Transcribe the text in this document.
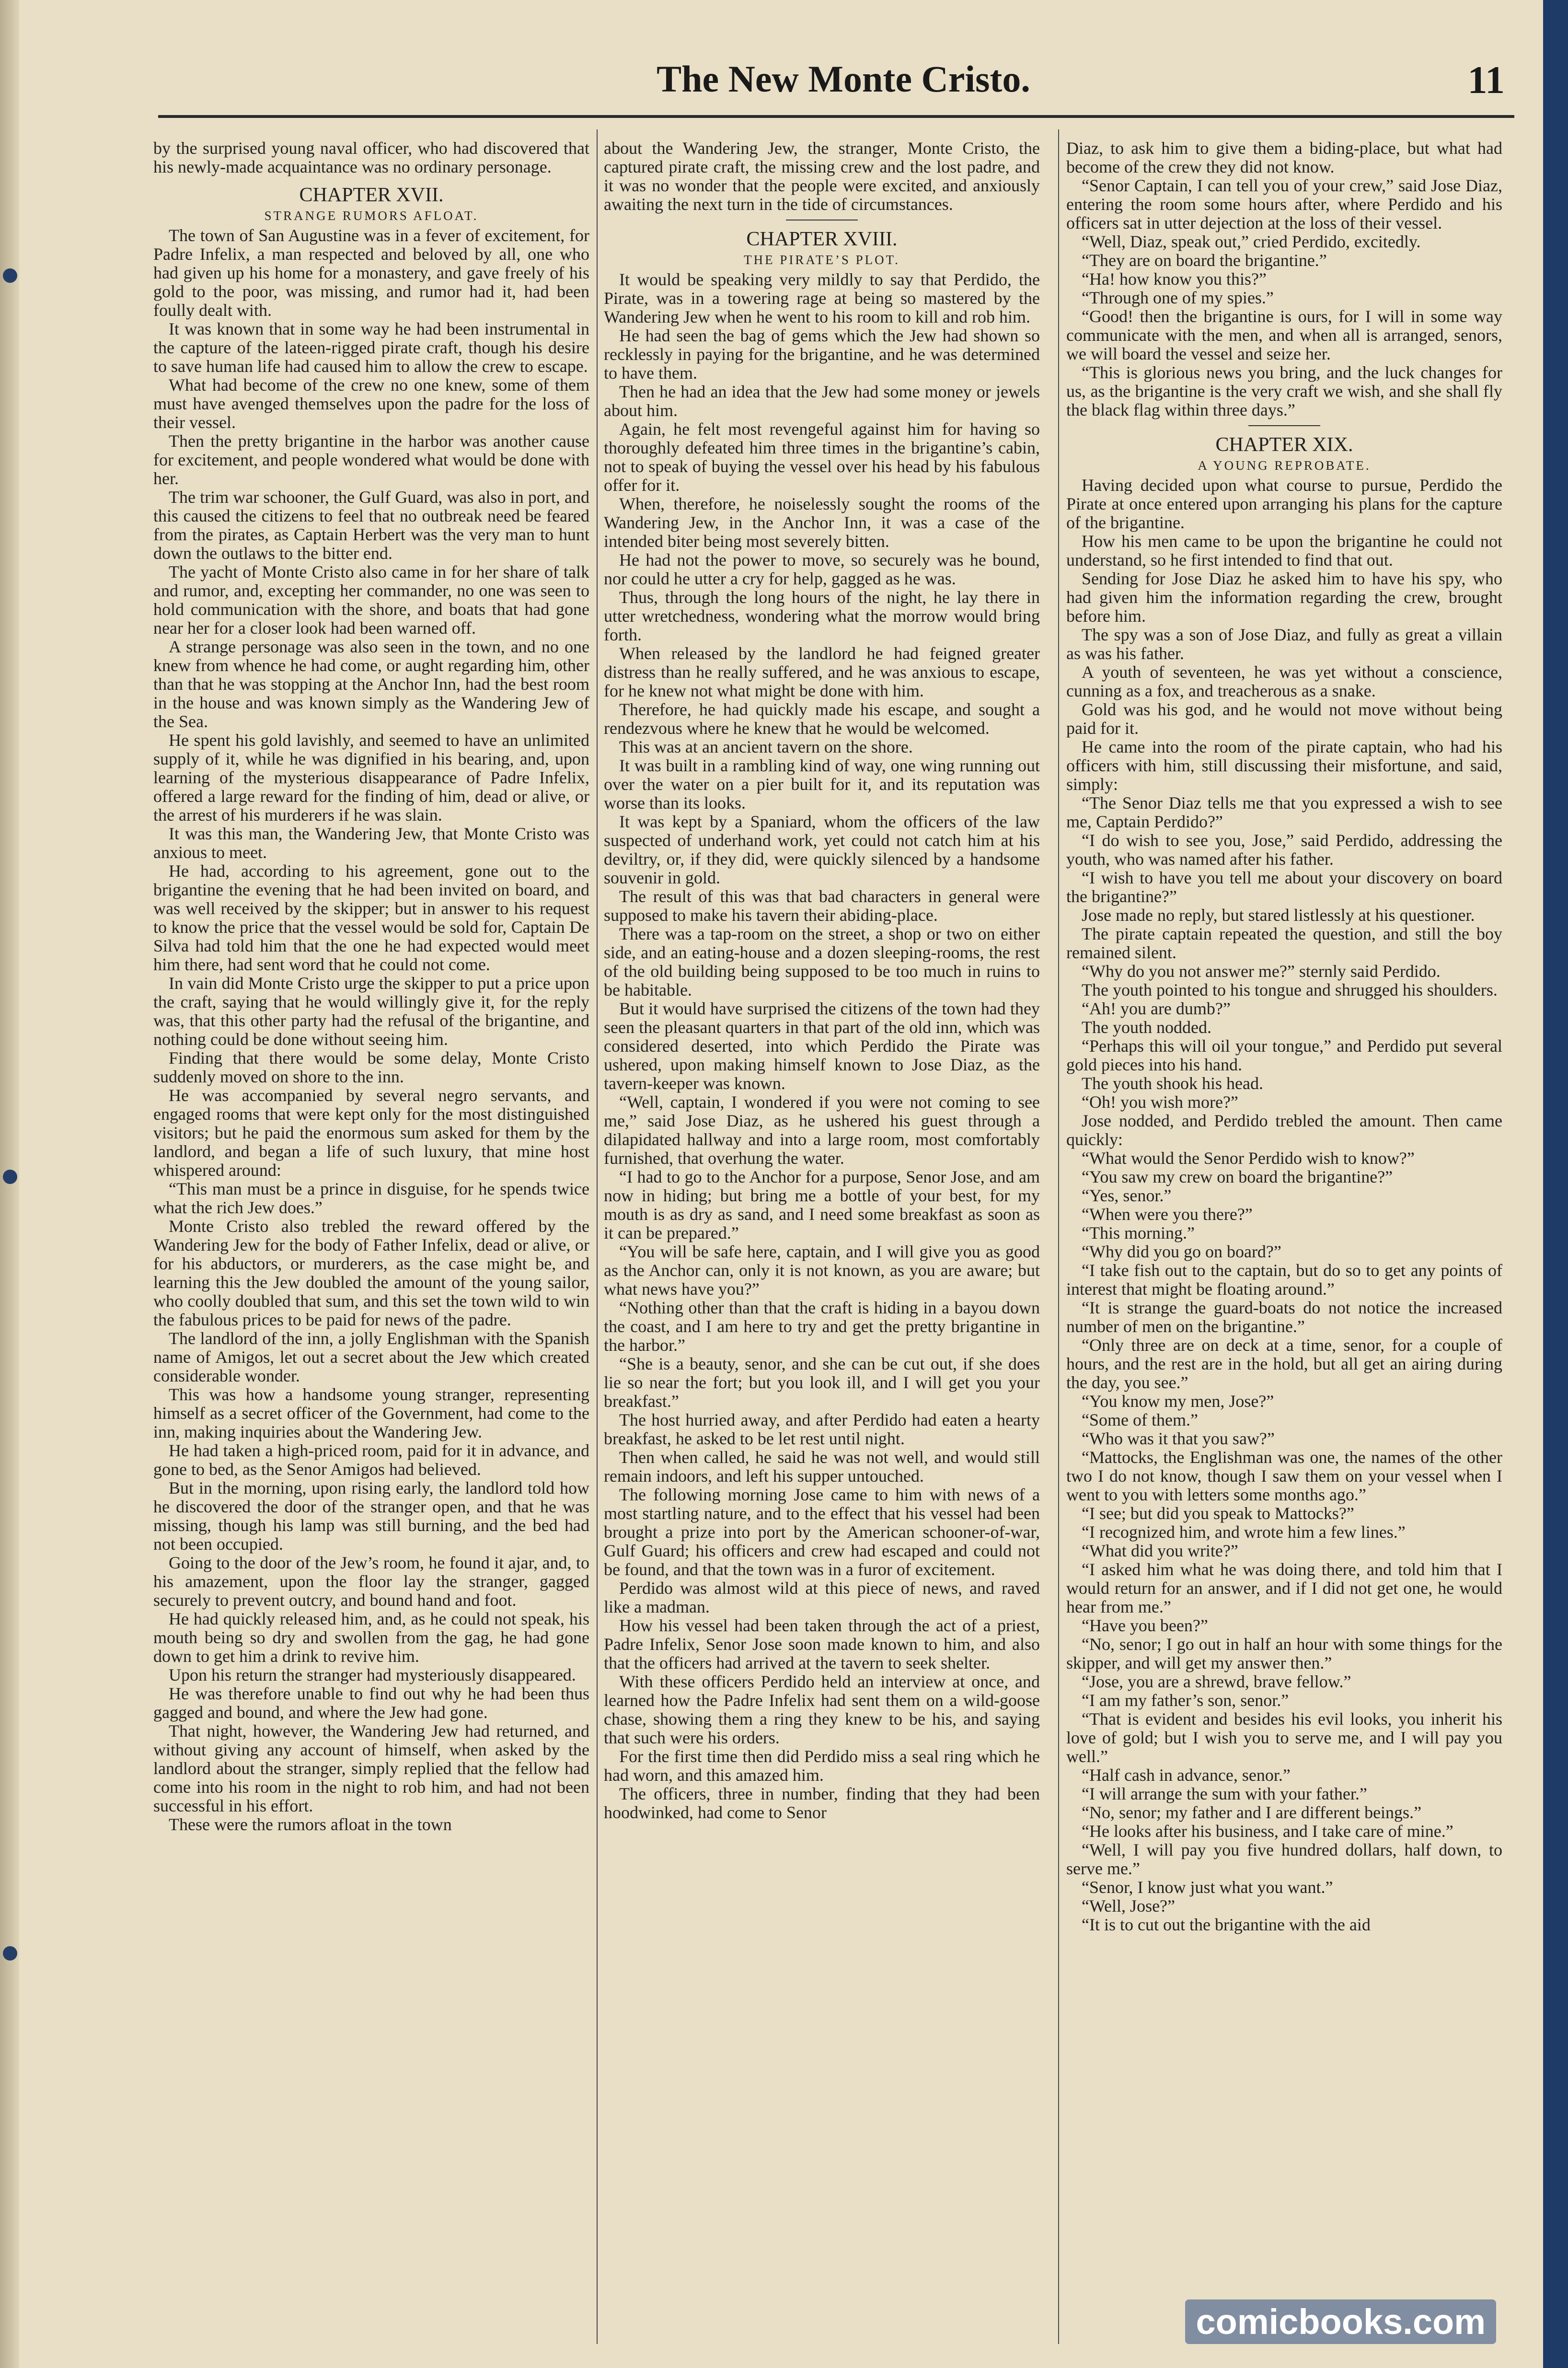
The New Monte Cristo.	11

by the surprised young naval officer, who had discovered that his newly-made acquaintance was no ordinary personage.

CHAPTER XVII.
STRANGE RUMORS AFLOAT.

The town of San Augustine was in a fever of excitement, for Padre Infelix, a man respected and beloved by all, one who had given up his home for a monastery, and gave freely of his gold to the poor, was missing, and rumor had it, had been foully dealt with.

It was known that in some way he had been instrumental in the capture of the lateen-rigged pirate craft, though his desire to save human life had caused him to allow the crew to escape.

What had become of the crew no one knew, some of them must have avenged themselves upon the padre for the loss of their vessel.

Then the pretty brigantine in the harbor was another cause for excitement, and people wondered what would be done with her.

The trim war schooner, the Gulf Guard, was also in port, and this caused the citizens to feel that no outbreak need be feared from the pirates, as Captain Herbert was the very man to hunt down the outlaws to the bitter end.

The yacht of Monte Cristo also came in for her share of talk and rumor, and, excepting her commander, no one was seen to hold communication with the shore, and boats that had gone near her for a closer look had been warned off.

A strange personage was also seen in the town, and no one knew from whence he had come, or aught regarding him, other than that he was stopping at the Anchor Inn, had the best room in the house and was known simply as the Wandering Jew of the Sea.

He spent his gold lavishly, and seemed to have an unlimited supply of it, while he was dignified in his bearing, and, upon learning of the mysterious disappearance of Padre Infelix, offered a large reward for the finding of him, dead or alive, or the arrest of his murderers if he was slain.

It was this man, the Wandering Jew, that Monte Cristo was anxious to meet.

He had, according to his agreement, gone out to the brigantine the evening that he had been invited on board, and was well received by the skipper; but in answer to his request to know the price that the vessel would be sold for, Captain De Silva had told him that the one he had expected would meet him there, had sent word that he could not come.

In vain did Monte Cristo urge the skipper to put a price upon the craft, saying that he would willingly give it, for the reply was, that this other party had the refusal of the brigantine, and nothing could be done without seeing him.

Finding that there would be some delay, Monte Cristo suddenly moved on shore to the inn.

He was accompanied by several negro servants, and engaged rooms that were kept only for the most distinguished visitors; but he paid the enormous sum asked for them by the landlord, and began a life of such luxury, that mine host whispered around:

“This man must be a prince in disguise, for he spends twice what the rich Jew does.”

Monte Cristo also trebled the reward offered by the Wandering Jew for the body of Father Infelix, dead or alive, or for his abductors, or murderers, as the case might be, and learning this the Jew doubled the amount of the young sailor, who coolly doubled that sum, and this set the town wild to win the fabulous prices to be paid for news of the padre.

The landlord of the inn, a jolly Englishman with the Spanish name of Amigos, let out a secret about the Jew which created considerable wonder.

This was how a handsome young stranger, representing himself as a secret officer of the Government, had come to the inn, making inquiries about the Wandering Jew.

He had taken a high-priced room, paid for it in advance, and gone to bed, as the Senor Amigos had believed.

But in the morning, upon rising early, the landlord told how he discovered the door of the stranger open, and that he was missing, though his lamp was still burning, and the bed had not been occupied.

Going to the door of the Jew’s room, he found it ajar, and, to his amazement, upon the floor lay the stranger, gagged securely to prevent outcry, and bound hand and foot.

He had quickly released him, and, as he could not speak, his mouth being so dry and swollen from the gag, he had gone down to get him a drink to revive him.

Upon his return the stranger had mysteriously disappeared.

He was therefore unable to find out why he had been thus gagged and bound, and where the Jew had gone.

That night, however, the Wandering Jew had returned, and without giving any account of himself, when asked by the landlord about the stranger, simply replied that the fellow had come into his room in the night to rob him, and had not been successful in his effort.

These were the rumors afloat in the town

about the Wandering Jew, the stranger, Monte Cristo, the captured pirate craft, the missing crew and the lost padre, and it was no wonder that the people were excited, and anxiously awaiting the next turn in the tide of circumstances.

CHAPTER XVIII.
THE PIRATE’S PLOT.

It would be speaking very mildly to say that Perdido, the Pirate, was in a towering rage at being so mastered by the Wandering Jew when he went to his room to kill and rob him.

He had seen the bag of gems which the Jew had shown so recklessly in paying for the brigantine, and he was determined to have them.

Then he had an idea that the Jew had some money or jewels about him.

Again, he felt most revengeful against him for having so thoroughly defeated him three times in the brigantine’s cabin, not to speak of buying the vessel over his head by his fabulous offer for it.

When, therefore, he noiselessly sought the rooms of the Wandering Jew, in the Anchor Inn, it was a case of the intended biter being most severely bitten.

He had not the power to move, so securely was he bound, nor could he utter a cry for help, gagged as he was.

Thus, through the long hours of the night, he lay there in utter wretchedness, wondering what the morrow would bring forth.

When released by the landlord he had feigned greater distress than he really suffered, and he was anxious to escape, for he knew not what might be done with him.

Therefore, he had quickly made his escape, and sought a rendezvous where he knew that he would be welcomed.

This was at an ancient tavern on the shore.

It was built in a rambling kind of way, one wing running out over the water on a pier built for it, and its reputation was worse than its looks.

It was kept by a Spaniard, whom the officers of the law suspected of underhand work, yet could not catch him at his deviltry, or, if they did, were quickly silenced by a handsome souvenir in gold.

The result of this was that bad characters in general were supposed to make his tavern their abiding-place.

There was a tap-room on the street, a shop or two on either side, and an eating-house and a dozen sleeping-rooms, the rest of the old building being supposed to be too much in ruins to be habitable.

But it would have surprised the citizens of the town had they seen the pleasant quarters in that part of the old inn, which was considered deserted, into which Perdido the Pirate was ushered, upon making himself known to Jose Diaz, as the tavern-keeper was known.

“Well, captain, I wondered if you were not coming to see me,” said Jose Diaz, as he ushered his guest through a dilapidated hallway and into a large room, most comfortably furnished, that overhung the water.

“I had to go to the Anchor for a purpose, Senor Jose, and am now in hiding; but bring me a bottle of your best, for my mouth is as dry as sand, and I need some breakfast as soon as it can be prepared.”

“You will be safe here, captain, and I will give you as good as the Anchor can, only it is not known, as you are aware; but what news have you?”

“Nothing other than that the craft is hiding in a bayou down the coast, and I am here to try and get the pretty brigantine in the harbor.”

“She is a beauty, senor, and she can be cut out, if she does lie so near the fort; but you look ill, and I will get you your breakfast.”

The host hurried away, and after Perdido had eaten a hearty breakfast, he asked to be let rest until night.

Then when called, he said he was not well, and would still remain indoors, and left his supper untouched.

The following morning Jose came to him with news of a most startling nature, and to the effect that his vessel had been brought a prize into port by the American schooner-of-war, Gulf Guard; his officers and crew had escaped and could not be found, and that the town was in a furor of excitement.

Perdido was almost wild at this piece of news, and raved like a madman.

How his vessel had been taken through the act of a priest, Padre Infelix, Senor Jose soon made known to him, and also that the officers had arrived at the tavern to seek shelter.

With these officers Perdido held an interview at once, and learned how the Padre Infelix had sent them on a wild-goose chase, showing them a ring they knew to be his, and saying that such were his orders.

For the first time then did Perdido miss a seal ring which he had worn, and this amazed him.

The officers, three in number, finding that they had been hoodwinked, had come to Senor

Diaz, to ask him to give them a biding-place, but what had become of the crew they did not know.

“Senor Captain, I can tell you of your crew,” said Jose Diaz, entering the room some hours after, where Perdido and his officers sat in utter dejection at the loss of their vessel.

“Well, Diaz, speak out,” cried Perdido, excitedly.

“They are on board the brigantine.”

“Ha! how know you this?”

“Through one of my spies.”

“Good! then the brigantine is ours, for I will in some way communicate with the men, and when all is arranged, senors, we will board the vessel and seize her.

“This is glorious news you bring, and the luck changes for us, as the brigantine is the very craft we wish, and she shall fly the black flag within three days.”

CHAPTER XIX.
A YOUNG REPROBATE.

Having decided upon what course to pursue, Perdido the Pirate at once entered upon arranging his plans for the capture of the brigantine.

How his men came to be upon the brigantine he could not understand, so he first intended to find that out.

Sending for Jose Diaz he asked him to have his spy, who had given him the information regarding the crew, brought before him.

The spy was a son of Jose Diaz, and fully as great a villain as was his father.

A youth of seventeen, he was yet without a conscience, cunning as a fox, and treacherous as a snake.

Gold was his god, and he would not move without being paid for it.

He came into the room of the pirate captain, who had his officers with him, still discussing their misfortune, and said, simply:

“The Senor Diaz tells me that you expressed a wish to see me, Captain Perdido?”

“I do wish to see you, Jose,” said Perdido, addressing the youth, who was named after his father.

“I wish to have you tell me about your discovery on board the brigantine?”

Jose made no reply, but stared listlessly at his questioner.

The pirate captain repeated the question, and still the boy remained silent.

“Why do you not answer me?” sternly said Perdido.

The youth pointed to his tongue and shrugged his shoulders.

“Ah! you are dumb?”

The youth nodded.

“Perhaps this will oil your tongue,” and Perdido put several gold pieces into his hand.

The youth shook his head.

“Oh! you wish more?”

Jose nodded, and Perdido trebled the amount. Then came quickly:

“What would the Senor Perdido wish to know?”

“You saw my crew on board the brigantine?”

“Yes, senor.”

“When were you there?”

“This morning.”

“Why did you go on board?”

“I take fish out to the captain, but do so to get any points of interest that might be floating around.”

“It is strange the guard-boats do not notice the increased number of men on the brigantine.”

“Only three are on deck at a time, senor, for a couple of hours, and the rest are in the hold, but all get an airing during the day, you see.”

“You know my men, Jose?”

“Some of them.”

“Who was it that you saw?”

“Mattocks, the Englishman was one, the names of the other two I do not know, though I saw them on your vessel when I went to you with letters some months ago.”

“I see; but did you speak to Mattocks?”

“I recognized him, and wrote him a few lines.”

“What did you write?”

“I asked him what he was doing there, and told him that I would return for an answer, and if I did not get one, he would hear from me.”

“Have you been?”

“No, senor; I go out in half an hour with some things for the skipper, and will get my answer then.”

“Jose, you are a shrewd, brave fellow.”

“I am my father’s son, senor.”

“That is evident and besides his evil looks, you inherit his love of gold; but I wish you to serve me, and I will pay you well.”

“Half cash in advance, senor.”

“I will arrange the sum with your father.”

“No, senor; my father and I are different beings.”

“He looks after his business, and I take care of mine.”

“Well, I will pay you five hundred dollars, half down, to serve me.”

“Senor, I know just what you want.”

“Well, Jose?”

“It is to cut out the brigantine with the aid

comicbooks.com
